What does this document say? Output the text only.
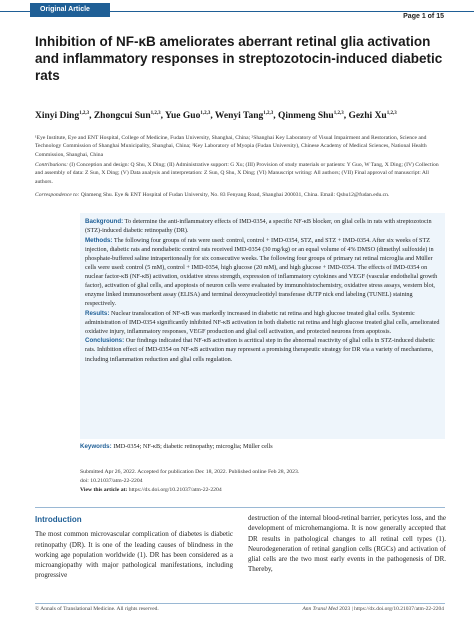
Original Article
Page 1 of 15
Inhibition of NF-κB ameliorates aberrant retinal glia activation and inflammatory responses in streptozotocin-induced diabetic rats
Xinyi Ding$^{1,2,3}$, Zhongcui Sun$^{1,2,3}$, Yue Guo$^{1,2,3}$, Wenyi Tang$^{1,2,3}$, Qinmeng Shu$^{1,2,3}$, Gezhi Xu$^{1,2,3}$
¹Eye Institute, Eye and ENT Hospital, College of Medicine, Fudan University, Shanghai, China; ²Shanghai Key Laboratory of Visual Impairment and Restoration, Science and Technology Commission of Shanghai Municipality, Shanghai, China; ³Key Laboratory of Myopia (Fudan University), Chinese Academy of Medical Sciences, National Health Commission, Shanghai, China
Contributions: (I) Conception and design: Q Shu, X Ding; (II) Administrative support: G Xu; (III) Provision of study materials or patients: Y Guo, W Tang, X Ding; (IV) Collection and assembly of data: Z Sun, X Ding; (V) Data analysis and interpretation: Z Sun, Q Shu, X Ding; (VI) Manuscript writing: All authors; (VII) Final approval of manuscript: All authors.
Correspondence to: Qinmeng Shu. Eye & ENT Hospital of Fudan University, No. 83 Fenyang Road, Shanghai 200031, China. Email: Qshu12@fudan.edu.cn.

Background: To determine the anti-inflammatory effects of IMD-0354, a specific NF-κB blocker, on glial cells in rats with streptozotocin (STZ)-induced diabetic retinopathy (DR).

Methods: The following four groups of rats were used: control, control + IMD-0354, STZ, and STZ + IMD-0354. After six weeks of STZ injection, diabetic rats and nondiabetic control rats received IMD-0354 (30 mg/kg) or an equal volume of 4% DMSO (dimethyl sulfoxide) in phosphate-buffered saline intraperitoneally for six consecutive weeks. The following four groups of primary rat retinal microglia and Müller cells were used: control (5 mM), control + IMD-0354, high glucose (20 mM), and high glucose + IMD-0354. The effects of IMD-0354 on nuclear factor-κB (NF-κB) activation, oxidative stress strength, expression of inflammatory cytokines and VEGF (vascular endothelial growth factor), activation of glial cells, and apoptosis of neuron cells were evaluated by immunohistochemistry, oxidative stress assays, western blot, enzyme linked immunosorbent assay (ELISA) and terminal deoxynucleotidyl transferase dUTP nick end labeling (TUNEL) staining respectively.

Results: Nuclear translocation of NF-κB was markedly increased in diabetic rat retina and high glucose treated glial cells. Systemic administration of IMD-0354 significantly inhibited NF-κB activation in both diabetic rat retina and high glucose treated glial cells, ameliorated oxidative injury, inflammatory responses, VEGF production and glial cell activation, and protected neurons from apoptosis.

Conclusions: Our findings indicated that NF-κB activation is acritical step in the abnormal reactivity of glial cells in STZ-induced diabetic rats. Inhibition effect of IMD-0354 on NF-κB activation may represent a promising therapeutic strategy for DR via a variety of mechanisms, including inflammation reduction and glial cells regulation.

Keywords: IMD-0354; NF-κB; diabetic retinopathy; microglia; Müller cells
Submitted Apr 26, 2022. Accepted for publication Dec 18, 2022. Published online Feb 28, 2023.
doi: 10.21037/atm-22-2204
View this article at: https://dx.doi.org/10.21037/atm-22-2204
Introduction
The most common microvascular complication of diabetes is diabetic retinopathy (DR). It is one of the leading causes of blindness in the working age population worldwide (1). DR has been considered as a microangiopathy with major pathological manifestations, including progressive
destruction of the internal blood-retinal barrier, pericytes loss, and the development of microhemangioma. It is now generally accepted that DR results in pathological changes to all retinal cell types (1). Neurodegeneration of retinal ganglion cells (RGCs) and activation of glial cells are the two most early events in the pathogenesis of DR. Thereby,
© Annals of Translational Medicine. All rights reserved.	Ann Transl Med 2023 | https://dx.doi.org/10.21037/atm-22-2204
